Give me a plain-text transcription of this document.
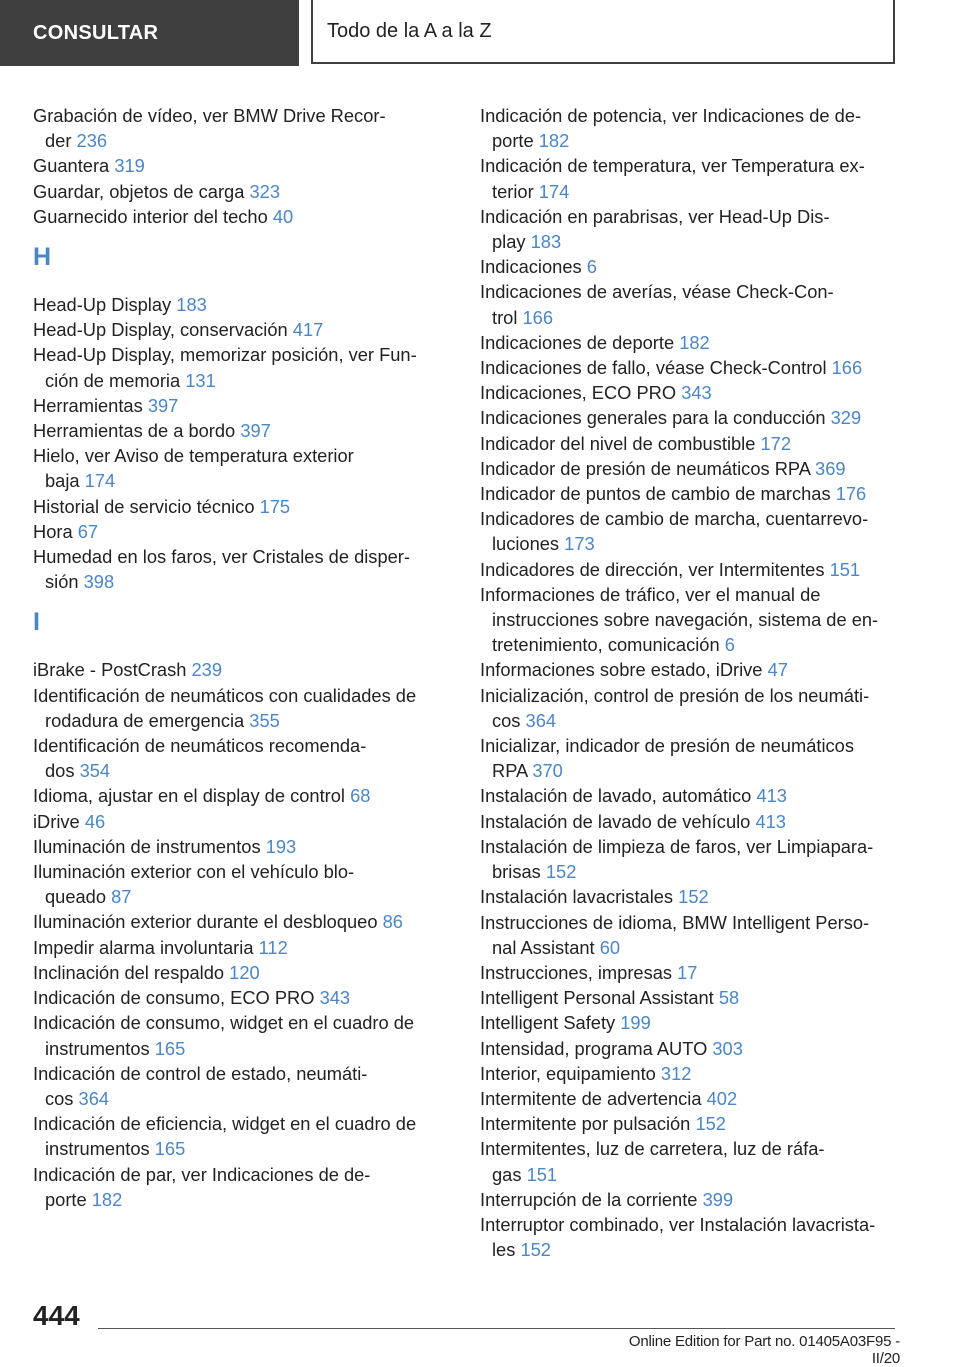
CONSULTAR	Todo de la A a la Z
Grabación de vídeo, ver BMW Drive Recor-
der 236
Guantera 319
Guardar, objetos de carga 323
Guarnecido interior del techo 40
H
Head-Up Display 183
Head-Up Display, conservación 417
Head-Up Display, memorizar posición, ver Fun-
ción de memoria 131
Herramientas 397
Herramientas de a bordo 397
Hielo, ver Aviso de temperatura exterior
baja 174
Historial de servicio técnico 175
Hora 67
Humedad en los faros, ver Cristales de disper-
sión 398
I
iBrake - PostCrash 239
Identificación de neumáticos con cualidades de
rodadura de emergencia 355
Identificación de neumáticos recomenda-
dos 354
Idioma, ajustar en el display de control 68
iDrive 46
Iluminación de instrumentos 193
Iluminación exterior con el vehículo blo-
queado 87
Iluminación exterior durante el desbloqueo 86
Impedir alarma involuntaria 112
Inclinación del respaldo 120
Indicación de consumo, ECO PRO 343
Indicación de consumo, widget en el cuadro de
instrumentos 165
Indicación de control de estado, neumáti-
cos 364
Indicación de eficiencia, widget en el cuadro de
instrumentos 165
Indicación de par, ver Indicaciones de de-
porte 182
Indicación de potencia, ver Indicaciones de de-
porte 182
Indicación de temperatura, ver Temperatura ex-
terior 174
Indicación en parabrisas, ver Head-Up Dis-
play 183
Indicaciones 6
Indicaciones de averías, véase Check-Con-
trol 166
Indicaciones de deporte 182
Indicaciones de fallo, véase Check-Control 166
Indicaciones, ECO PRO 343
Indicaciones generales para la conducción 329
Indicador del nivel de combustible 172
Indicador de presión de neumáticos RPA 369
Indicador de puntos de cambio de marchas 176
Indicadores de cambio de marcha, cuentarrevo-
luciones 173
Indicadores de dirección, ver Intermitentes 151
Informaciones de tráfico, ver el manual de
instrucciones sobre navegación, sistema de en-
tretenimiento, comunicación 6
Informaciones sobre estado, iDrive 47
Inicialización, control de presión de los neumáti-
cos 364
Inicializar, indicador de presión de neumáticos
RPA 370
Instalación de lavado, automático 413
Instalación de lavado de vehículo 413
Instalación de limpieza de faros, ver Limpiapara-
brisas 152
Instalación lavacristales 152
Instrucciones de idioma, BMW Intelligent Perso-
nal Assistant 60
Instrucciones, impresas 17
Intelligent Personal Assistant 58
Intelligent Safety 199
Intensidad, programa AUTO 303
Interior, equipamiento 312
Intermitente de advertencia 402
Intermitente por pulsación 152
Intermitentes, luz de carretera, luz de ráfa-
gas 151
Interrupción de la corriente 399
Interruptor combinado, ver Instalación lavacrista-
les 152
444
Online Edition for Part no. 01405A03F95 - II/20
